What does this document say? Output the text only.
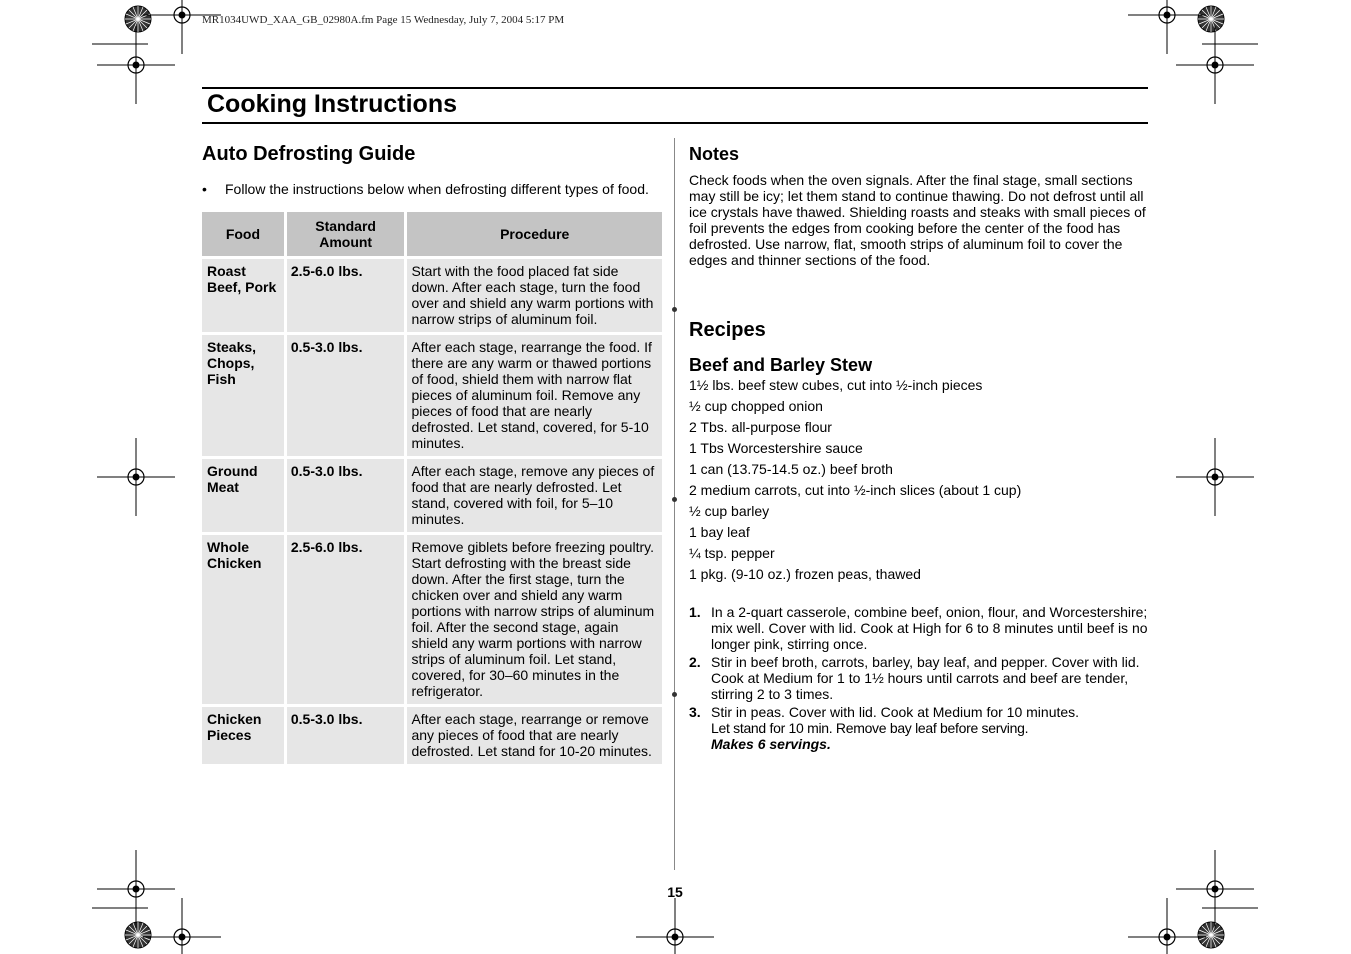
MR1034UWD_XAA_GB_02980A.fm Page 15 Wednesday, July 7, 2004 5:17 PM
Cooking Instructions
Auto Defrosting Guide
• Follow the instructions below when defrosting different types of food.
Food	Standard Amount	Procedure
Roast Beef, Pork	2.5-6.0 lbs.	Start with the food placed fat side down. After each stage, turn the food over and shield any warm portions with narrow strips of aluminum foil.
Steaks, Chops, Fish	0.5-3.0 lbs.	After each stage, rearrange the food. If there are any warm or thawed portions of food, shield them with narrow flat pieces of aluminum foil. Remove any pieces of food that are nearly defrosted. Let stand, covered, for 5-10 minutes.
Ground Meat	0.5-3.0 lbs.	After each stage, remove any pieces of food that are nearly defrosted. Let stand, covered with foil, for 5–10 minutes.
Whole Chicken	2.5-6.0 lbs.	Remove giblets before freezing poultry. Start defrosting with the breast side down. After the first stage, turn the chicken over and shield any warm portions with narrow strips of aluminum foil. After the second stage, again shield any warm portions with narrow strips of aluminum foil. Let stand, covered, for 30–60 minutes in the refrigerator.
Chicken Pieces	0.5-3.0 lbs.	After each stage, rearrange or remove any pieces of food that are nearly defrosted. Let stand for 10-20 minutes.
Notes
Check foods when the oven signals. After the final stage, small sections may still be icy; let them stand to continue thawing. Do not defrost until all ice crystals have thawed. Shielding roasts and steaks with small pieces of foil prevents the edges from cooking before the center of the food has defrosted. Use narrow, flat, smooth strips of aluminum foil to cover the edges and thinner sections of the food.
Recipes
Beef and Barley Stew
1½ lbs. beef stew cubes, cut into ½-inch pieces
½ cup chopped onion
2 Tbs. all-purpose flour
1 Tbs Worcestershire sauce
1 can (13.75-14.5 oz.) beef broth
2 medium carrots, cut into ½-inch slices (about 1 cup)
½ cup barley
1 bay leaf
¼ tsp. pepper
1 pkg. (9-10 oz.) frozen peas, thawed
1. In a 2-quart casserole, combine beef, onion, flour, and Worcestershire; mix well. Cover with lid. Cook at High for 6 to 8 minutes until beef is no longer pink, stirring once.
2. Stir in beef broth, carrots, barley, bay leaf, and pepper. Cover with lid. Cook at Medium for 1 to 1½ hours until carrots and beef are tender, stirring 2 to 3 times.
3. Stir in peas. Cover with lid. Cook at Medium for 10 minutes.
Let stand for 10 min. Remove bay leaf before serving.
Makes 6 servings.
15
